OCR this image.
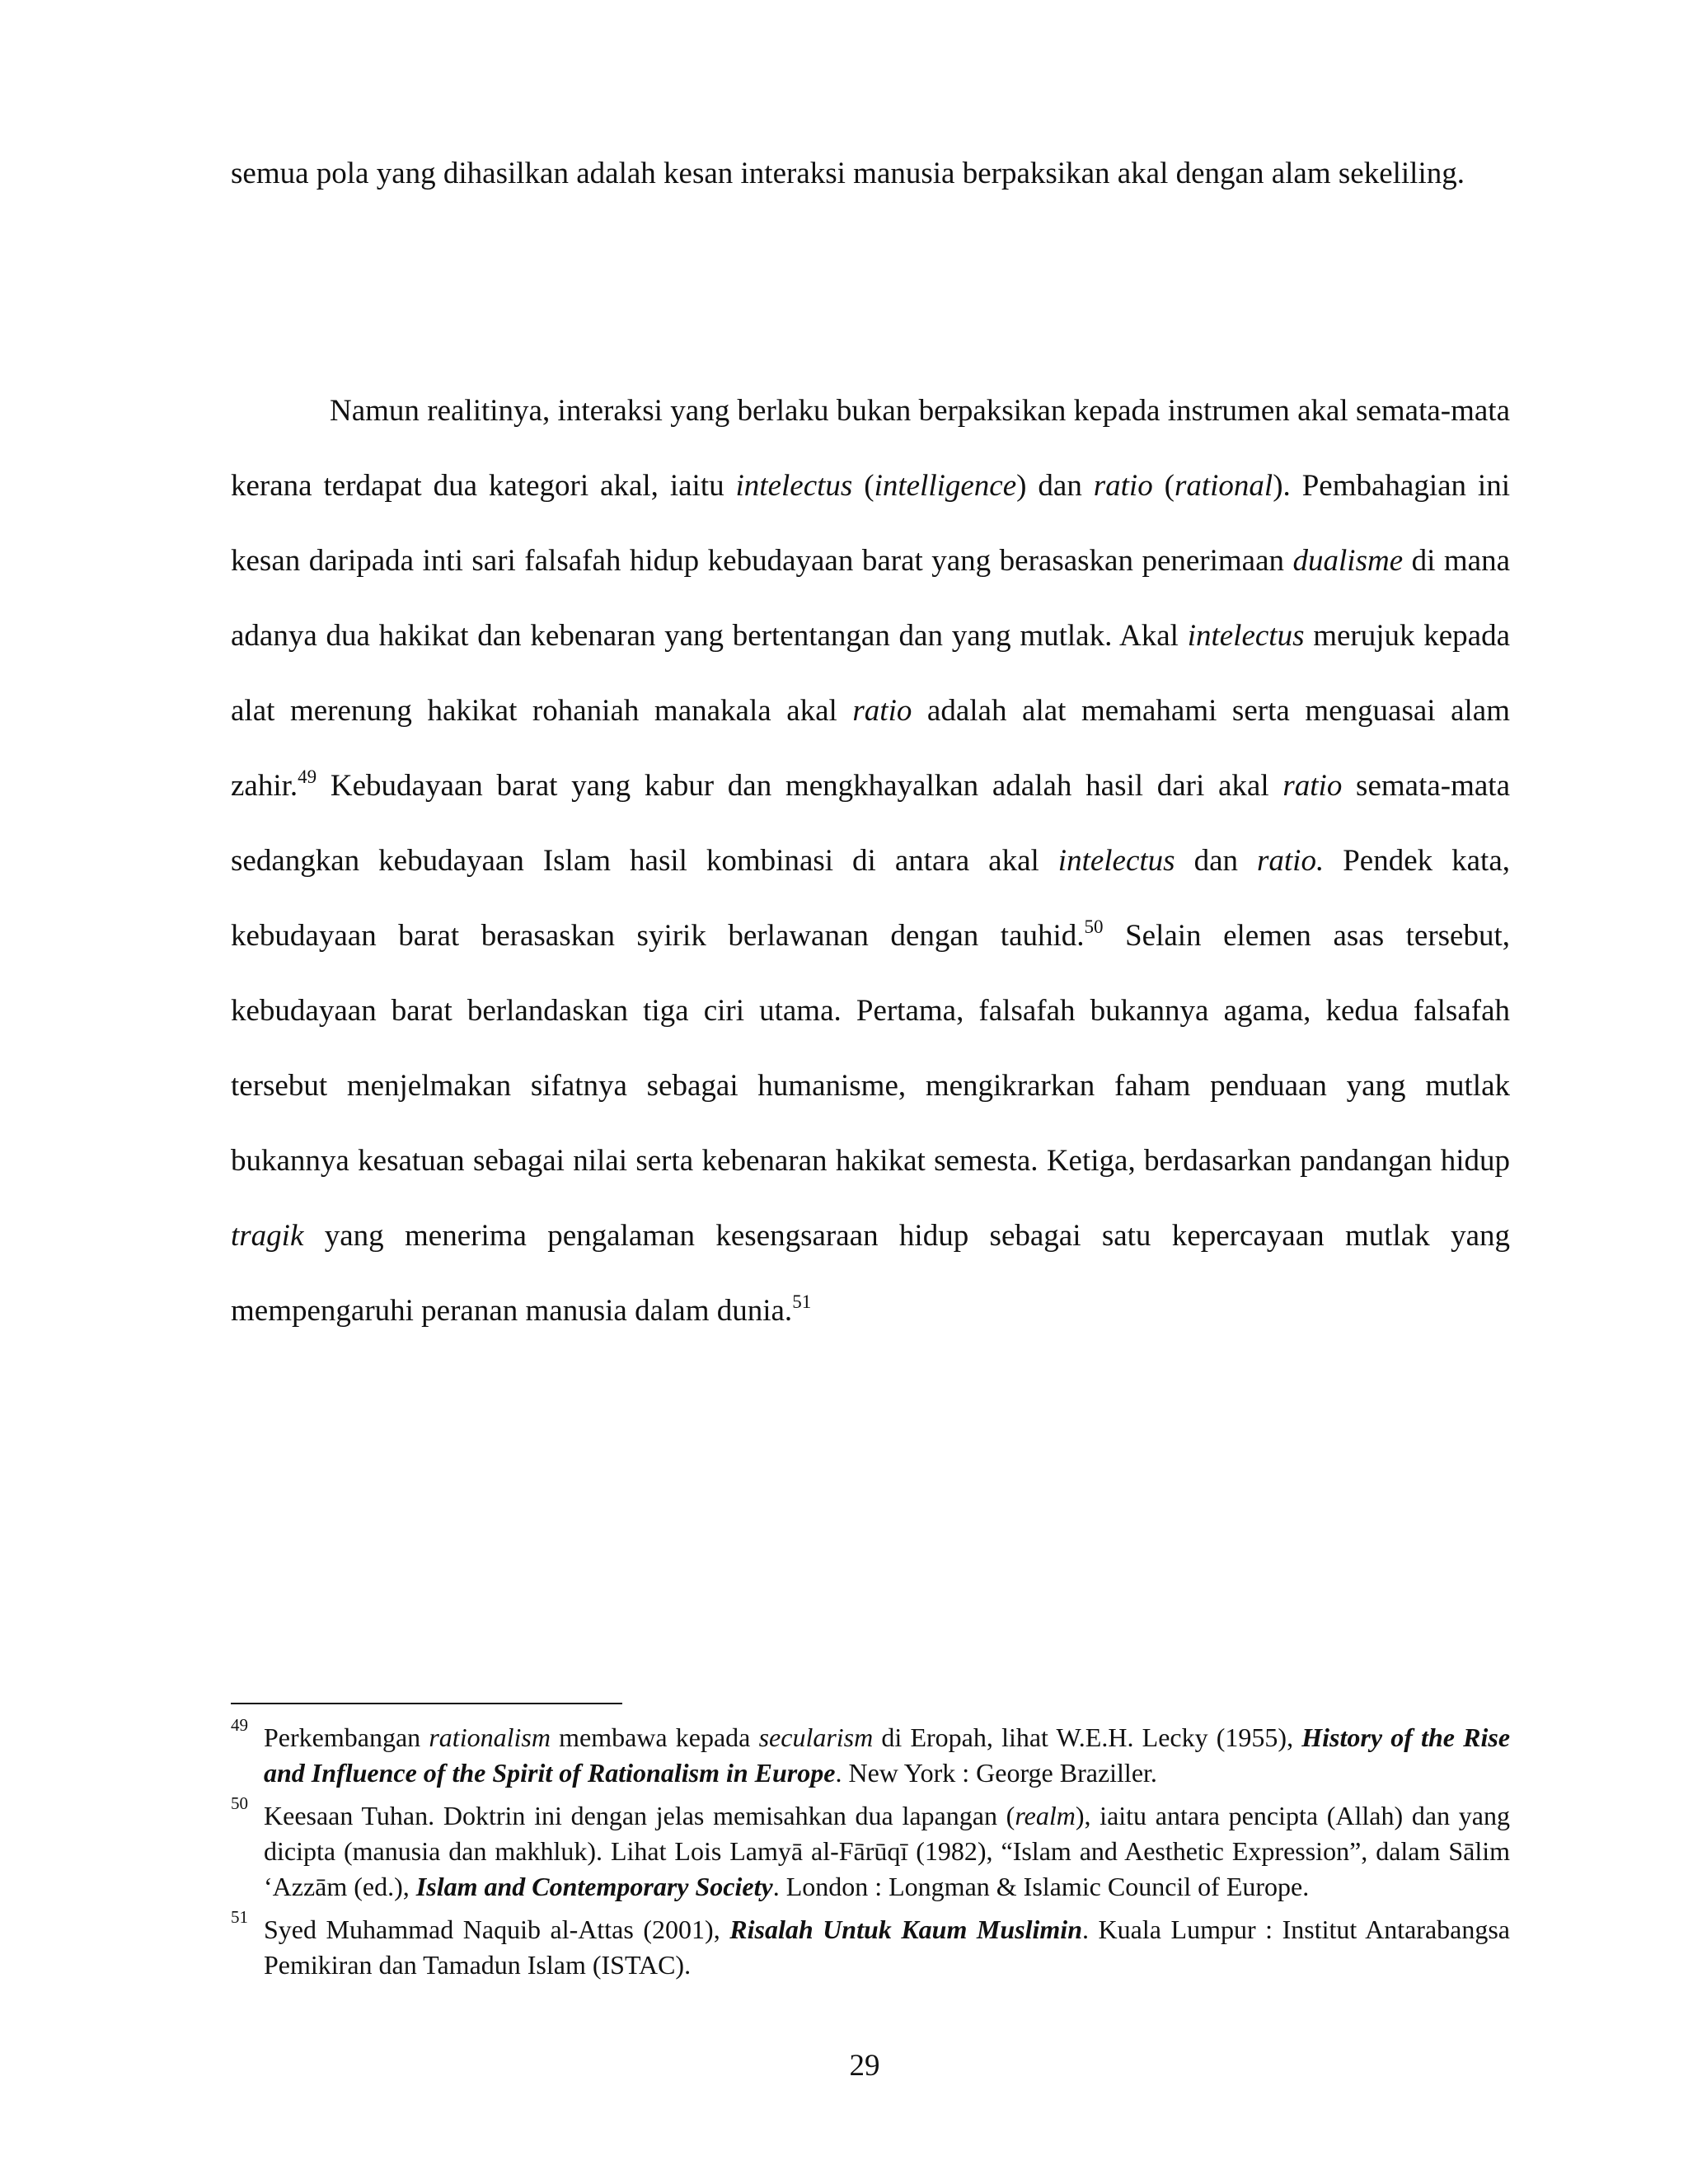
semua pola yang dihasilkan adalah kesan interaksi manusia berpaksikan akal dengan alam sekeliling.

Namun realitinya, interaksi yang berlaku bukan berpaksikan kepada instrumen akal semata-mata kerana terdapat dua kategori akal, iaitu intelectus (intelligence) dan ratio (rational). Pembahagian ini kesan daripada inti sari falsafah hidup kebudayaan barat yang berasaskan penerimaan dualisme di mana adanya dua hakikat dan kebenaran yang bertentangan dan yang mutlak. Akal intelectus merujuk kepada alat merenung hakikat rohaniah manakala akal ratio adalah alat memahami serta menguasai alam zahir.$^{49}$ Kebudayaan barat yang kabur dan mengkhayalkan adalah hasil dari akal ratio semata-mata sedangkan kebudayaan Islam hasil kombinasi di antara akal intelectus dan ratio. Pendek kata, kebudayaan barat berasaskan syirik berlawanan dengan tauhid.$^{50}$ Selain elemen asas tersebut, kebudayaan barat berlandaskan tiga ciri utama. Pertama, falsafah bukannya agama, kedua falsafah tersebut menjelmakan sifatnya sebagai humanisme, mengikrarkan faham penduaan yang mutlak bukannya kesatuan sebagai nilai serta kebenaran hakikat semesta. Ketiga, berdasarkan pandangan hidup tragik yang menerima pengalaman kesengsaraan hidup sebagai satu kepercayaan mutlak yang mempengaruhi peranan manusia dalam dunia.$^{51}$

49 Perkembangan rationalism membawa kepada secularism di Eropah, lihat W.E.H. Lecky (1955), History of the Rise and Influence of the Spirit of Rationalism in Europe. New York : George Braziller.

50 Keesaan Tuhan. Doktrin ini dengan jelas memisahkan dua lapangan (realm), iaitu antara pencipta (Allah) dan yang dicipta (manusia dan makhluk). Lihat Lois Lamyā al-Fārūqī (1982), “Islam and Aesthetic Expression”, dalam Sālim ‘Azzām (ed.), Islam and Contemporary Society. London : Longman & Islamic Council of Europe.

51 Syed Muhammad Naquib al-Attas (2001), Risalah Untuk Kaum Muslimin. Kuala Lumpur : Institut Antarabangsa Pemikiran dan Tamadun Islam (ISTAC).

29
